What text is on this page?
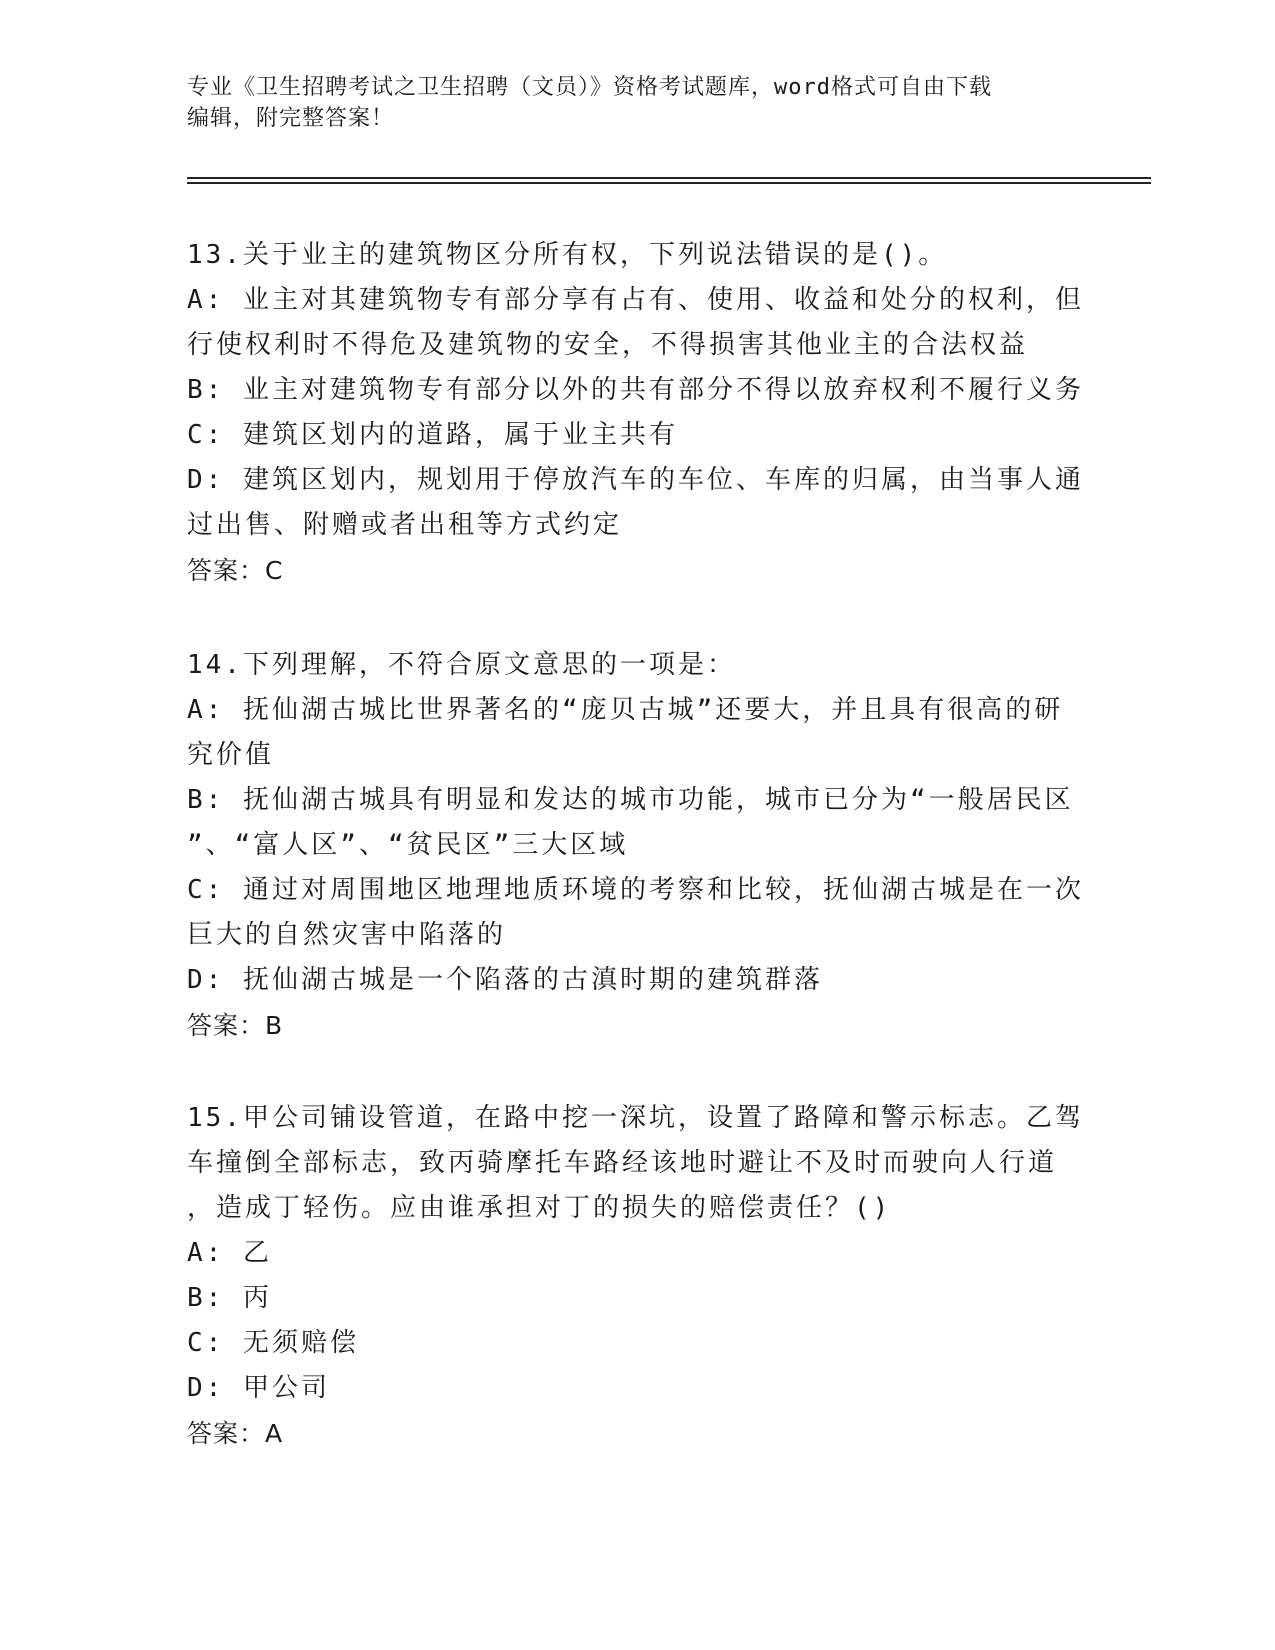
专业《卫生招聘考试之卫生招聘（文员）》资格考试题库，word格式可自由下载
编辑，附完整答案！

13.关于业主的建筑物区分所有权，下列说法错误的是()。

A: 业主对其建筑物专有部分享有占有、使用、收益和处分的权利，但

行使权利时不得危及建筑物的安全，不得损害其他业主的合法权益

B: 业主对建筑物专有部分以外的共有部分不得以放弃权利不履行义务

C: 建筑区划内的道路，属于业主共有

D: 建筑区划内，规划用于停放汽车的车位、车库的归属，由当事人通

过出售、附赠或者出租等方式约定

答案：C

14.下列理解，不符合原文意思的一项是：

A: 抚仙湖古城比世界著名的“庞贝古城”还要大，并且具有很高的研

究价值

B: 抚仙湖古城具有明显和发达的城市功能，城市已分为“一般居民区

”、“富人区”、“贫民区”三大区域

C: 通过对周围地区地理地质环境的考察和比较，抚仙湖古城是在一次

巨大的自然灾害中陷落的

D: 抚仙湖古城是一个陷落的古滇时期的建筑群落

答案：B

15.甲公司铺设管道，在路中挖一深坑，设置了路障和警示标志。乙驾

车撞倒全部标志，致丙骑摩托车路经该地时避让不及时而驶向人行道

，造成丁轻伤。应由谁承担对丁的损失的赔偿责任？()

A: 乙

B: 丙

C: 无须赔偿

D: 甲公司

答案：A
